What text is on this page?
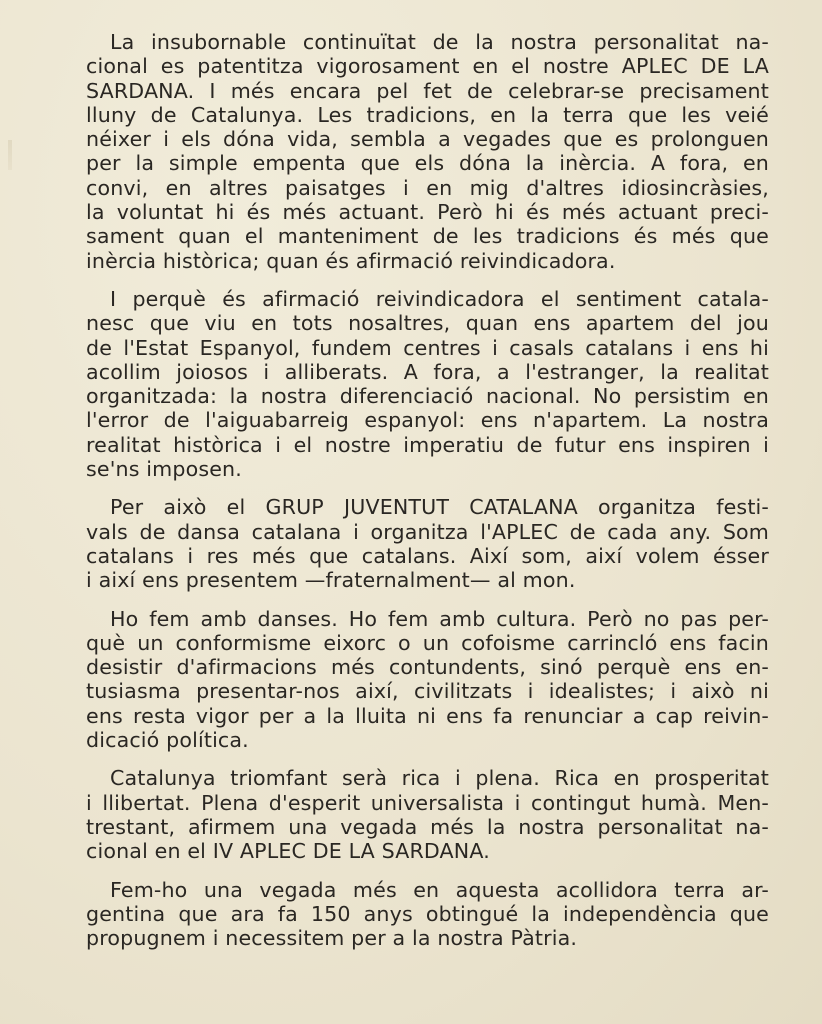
La insubornable continuïtat de la nostra personalitat na-
cional es patentitza vigorosament en el nostre APLEC DE LA
SARDANA. I més encara pel fet de celebrar-se precisament
lluny de Catalunya. Les tradicions, en la terra que les veié
néixer i els dóna vida, sembla a vegades que es prolonguen
per la simple empenta que els dóna la inèrcia. A fora, en
convi, en altres paisatges i en mig d'altres idiosincràsies,
la voluntat hi és més actuant. Però hi és més actuant preci-
sament quan el manteniment de les tradicions és més que
inèrcia històrica; quan és afirmació reivindicadora.
I perquè és afirmació reivindicadora el sentiment catala-
nesc que viu en tots nosaltres, quan ens apartem del jou
de l'Estat Espanyol, fundem centres i casals catalans i ens hi
acollim joiosos i alliberats. A fora, a l'estranger, la realitat
organitzada: la nostra diferenciació nacional. No persistim en
l'error de l'aiguabarreig espanyol: ens n'apartem. La nostra
realitat històrica i el nostre imperatiu de futur ens inspiren i
se'ns imposen.
Per això el GRUP JUVENTUT CATALANA organitza festi-
vals de dansa catalana i organitza l'APLEC de cada any. Som
catalans i res més que catalans. Així som, així volem ésser
i així ens presentem —fraternalment— al mon.
Ho fem amb danses. Ho fem amb cultura. Però no pas per-
què un conformisme eixorc o un cofoisme carrincló ens facin
desistir d'afirmacions més contundents, sinó perquè ens en-
tusiasma presentar-nos així, civilitzats i idealistes; i això ni
ens resta vigor per a la lluita ni ens fa renunciar a cap reivin-
dicació política.
Catalunya triomfant serà rica i plena. Rica en prosperitat
i llibertat. Plena d'esperit universalista i contingut humà. Men-
trestant, afirmem una vegada més la nostra personalitat na-
cional en el IV APLEC DE LA SARDANA.
Fem-ho una vegada més en aquesta acollidora terra ar-
gentina que ara fa 150 anys obtingué la independència que
propugnem i necessitem per a la nostra Pàtria.
